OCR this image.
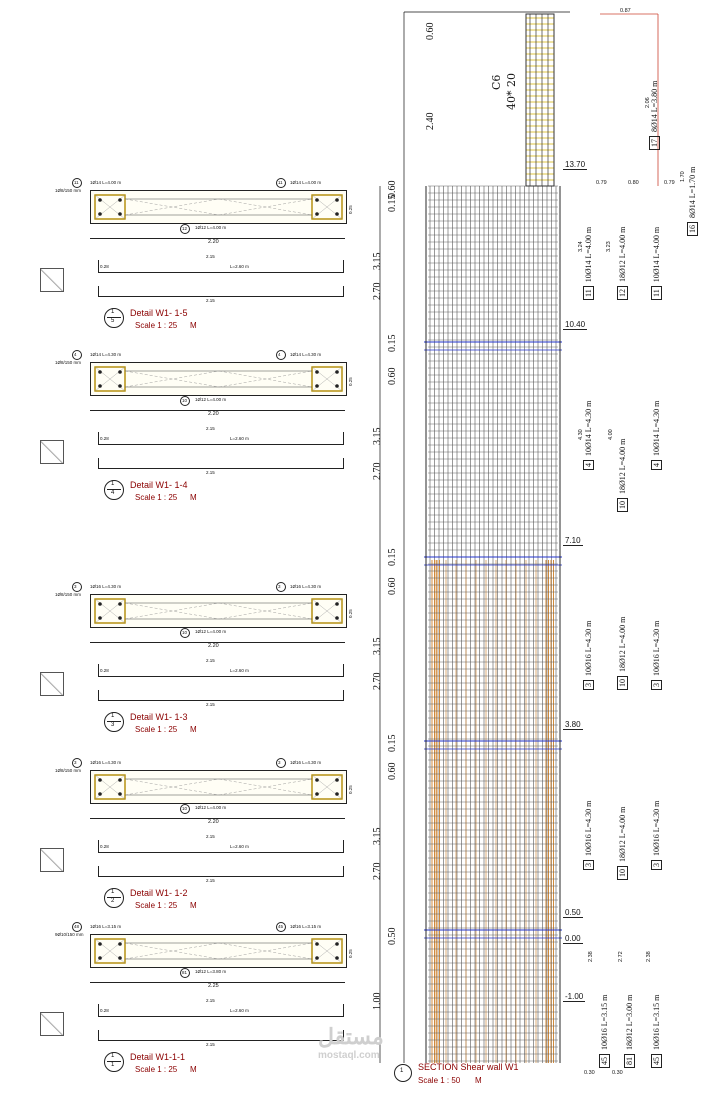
1Ø8/150 mm
11	1Ø14 L=4.00 m	11 1Ø14 L=4.00 m
12 1Ø12 L=4.00 m
0.25
2.20
2.15
0.28	L=2.60 m
2.15
1
5
Detail W1- 1-5
Scale 1 : 25 M
1Ø8/150 mm
4	1Ø14 L=4.30 m	4 1Ø14 L=4.30 m
10 1Ø12 L=4.00 m
0.25
2.20
2.15
0.28	L=2.60 m
2.15
1
4
Detail W1- 1-4
Scale 1 : 25 M
1Ø8/150 mm
3	1Ø16 L=4.30 m	3 1Ø16 L=4.30 m
10 1Ø12 L=4.00 m
0.25
2.20
2.15
0.28	L=2.60 m
2.15
1
3
Detail W1- 1-3
Scale 1 : 25 M
1Ø8/150 mm
3	1Ø16 L=4.30 m	3 1Ø16 L=4.30 m
10 1Ø12 L=4.00 m
0.25
2.20
2.15
0.28	L=2.60 m
2.15
1
2
Detail W1- 1-2
Scale 1 : 25 M
9Ø10/150 mm
48 1Ø16 L=3.15 m	45 1Ø16 L=3.15 m
81 1Ø12 L=3.80 m
0.25
2.25
2.15
0.28	L=2.60 m
2.15
1
1
Detail W1-1-1
Scale 1 : 25 M
0.60
2.40
C6 40* 20
0.60
0.15
3.15
2.70
0.15
0.60
3.15
2.70
0.15
0.60
3.15
2.70
0.15
0.60
3.15
2.70
0.50
1.00
13.70
10.40
7.10
3.80
0.50
0.00
-1.00
1 SECTION Shear wall W1
Scale 1 : 50 M
178Ø14 L=3.80 m
168Ø14 L=1.70 m
1110Ø14 L=4.00 m
1218Ø12 L=4.00 m
1110Ø14 L=4.00 m
410Ø14 L=4.30 m
1018Ø12 L=4.00 m	410Ø14 L=4.30 m
310Ø16 L=4.30 m
1018Ø12 L=4.00 m
310Ø16 L=4.30 m
310Ø16 L=4.30 m
1018Ø12 L=4.00 m
310Ø16 L=4.30 m
4510Ø16 L=3.15 m
8118Ø12 L=3.00 m
4510Ø16 L=3.15 m
0.87
0.79	0.80	0.79
1.70
2.06
3.24	3.23
4.30	4.00
2.38	2.72	2.38
0.30
0.30
مستقل
mostaql.com
